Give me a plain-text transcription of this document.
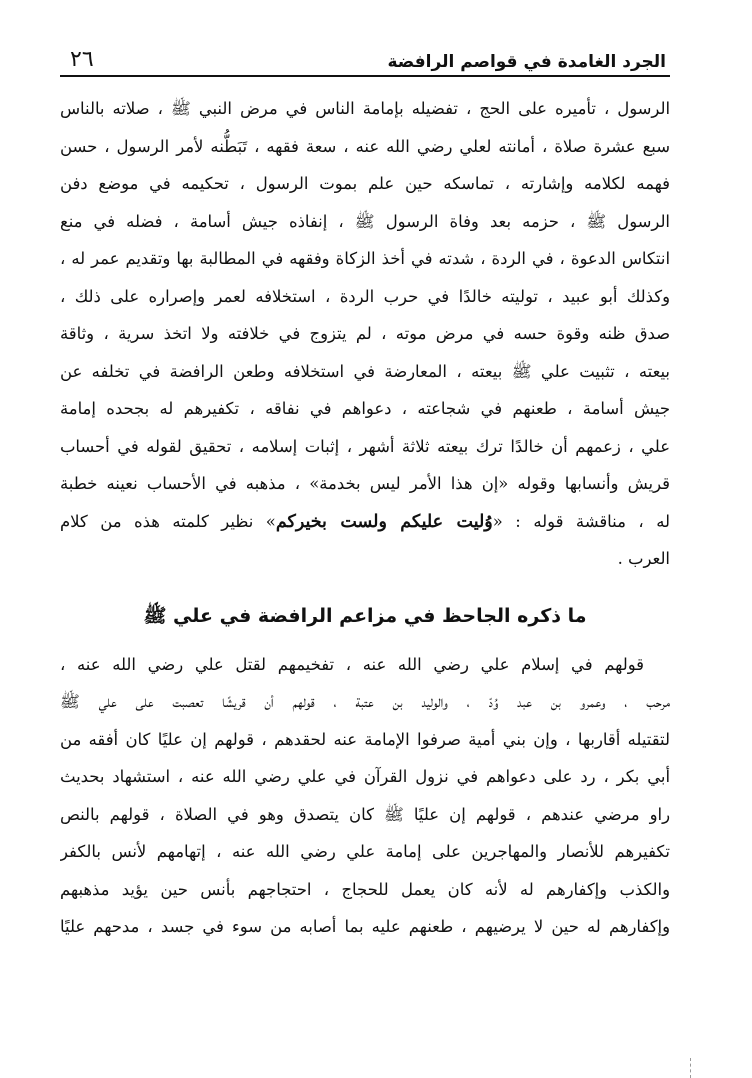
٢٦	الجرد الغامدة في قواصم الرافضة
الرسول ، تأميره على الحج ، تفضيله بإمامة الناس في مرض النبي ﷺ ، صلاته بالناس
سبع عشرة صلاة ، أمانته لعلي رضي الله عنه ، سعة فقهه ، تَبَطُّنه لأمر الرسول ، حسن
فهمه لكلامه وإشارته ، تماسكه حين علم بموت الرسول ، تحكيمه في موضع دفن
الرسول ﷺ ، حزمه بعد وفاة الرسول ﷺ ، إنفاذه جيش أسامة ، فضله في منع
انتكاس الدعوة ، في الردة ، شدته في أخذ الزكاة وفقهه في المطالبة بها وتقديم عمر له ،
وكذلك أبو عبيد ، توليته خالدًا في حرب الردة ، استخلافه لعمر وإصراره على ذلك ،
صدق ظنه وقوة حسه في مرض موته ، لم يتزوج في خلافته ولا اتخذ سرية ، وثاقة
بيعته ، تثبيت علي ﷺ بيعته ، المعارضة في استخلافه وطعن الرافضة في تخلفه عن
جيش أسامة ، طعنهم في شجاعته ، دعواهم في نفاقه ، تكفيرهم له بجحده إمامة
علي ، زعمهم أن خالدًا ترك بيعته ثلاثة أشهر ، إثبات إسلامه ، تحقيق لقوله في أحساب
قريش وأنسابها وقوله «إن هذا الأمر ليس بخدمة» ، مذهبه في الأحساب نعينه خطبة
له ، مناقشة قوله : «وُليت عليكم ولست بخيركم» نظير كلمته هذه من كلام
العرب .
ما ذكره الجاحظ في مزاعم الرافضة في علي ﷺ
قولهم في إسلام علي رضي الله عنه ، تفخيمهم لقتل علي رضي الله عنه ،
مرحب ، وعمرو بن عبد وُدّ ، والوليد بن عتبة ، قولهم أن قريشًا تعصبت على علي ﷺ
لتقتيله أقاربها ، وإن بني أمية صرفوا الإمامة عنه لحقدهم ، قولهم إن عليًا كان أفقه من
أبي بكر ، رد على دعواهم في نزول القرآن في علي رضي الله عنه ، استشهاد بحديث
راو مرضي عندهم ، قولهم إن عليًا ﷺ كان يتصدق وهو في الصلاة ، قولهم بالنص
تكفيرهم للأنصار والمهاجرين على إمامة علي رضي الله عنه ، إتهامهم لأنس بالكفر
والكذب وإكفارهم له لأنه كان يعمل للحجاج ، احتجاجهم بأنس حين يؤيد مذهبهم
وإكفارهم له حين لا يرضيهم ، طعنهم عليه بما أصابه من سوء في جسد ، مدحهم عليًا
